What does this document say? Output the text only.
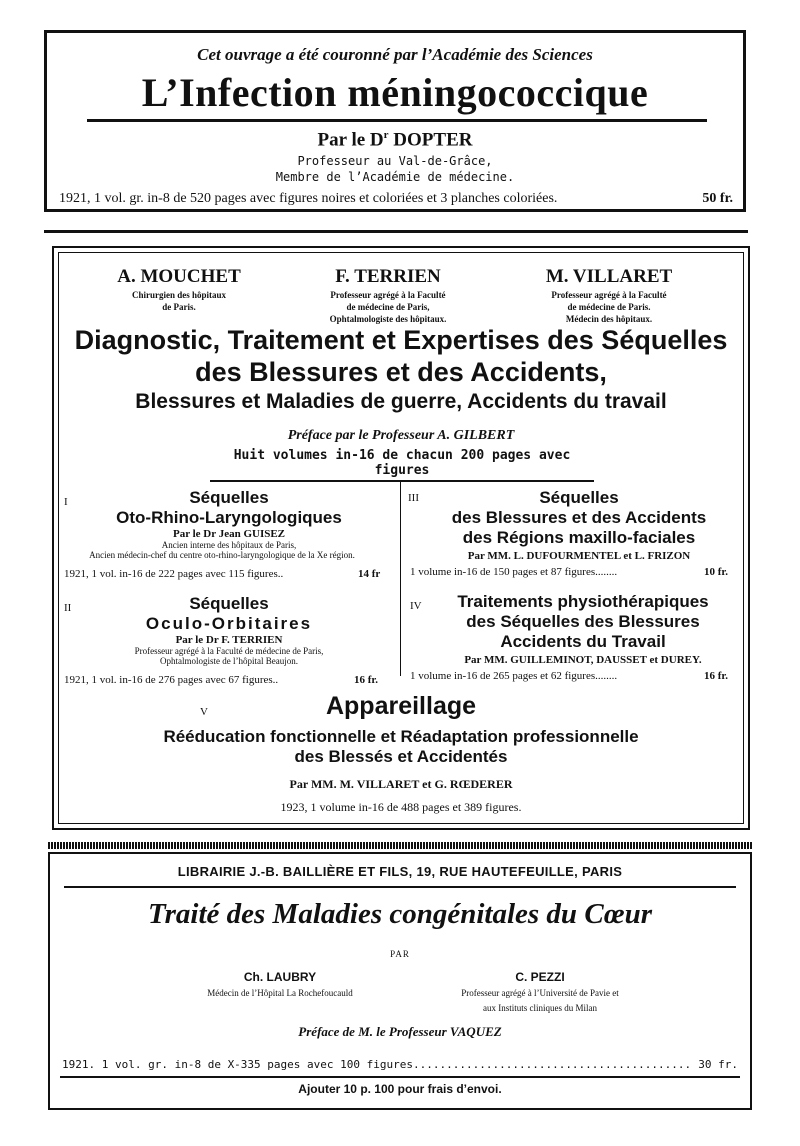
Cet ouvrage a été couronné par l’Académie des Sciences
L’Infection méningococcique
Par le $D^r$ DOPTER
Professeur au Val-de-Grâce,
Membre de l’Académie de médecine.
1921, 1 vol. gr. in-8 de 520 pages avec figures noires et coloriées et 3 planches coloriées.	50 fr.
A. MOUCHET
Chirurgien des hôpitaux
de Paris.
F. TERRIEN
Professeur agrégé à la Faculté
de médecine de Paris,
Ophtalmologiste des hôpitaux.
M. VILLARET
Professeur agrégé à la Faculté
de médecine de Paris.
Médecin des hôpitaux.
Diagnostic, Traitement et Expertises des Séquelles
des Blessures et des Accidents,
Blessures et Maladies de guerre, Accidents du travail
Préface par le Professeur A. GILBERT
Huit volumes in-16 de chacun 200 pages avec figures
I	Séquelles
Oto-Rhino-Laryngologiques
Par le Dr Jean GUISEZ
Ancien interne des hôpitaux de Paris,
Ancien médecin-chef du centre oto-rhino-laryngologique de la Xe région.
1921, 1 vol. in-16 de 222 pages avec 115 figures..	14 fr
II	Séquelles
Oculo-Orbitaires
Par le Dr F. TERRIEN
Professeur agrégé à la Faculté de médecine de Paris,
Ophtalmologiste de l’hôpital Beaujon.
1921, 1 vol. in-16 de 276 pages avec 67 figures..	16 fr.
III	Séquelles
des Blessures et des Accidents
des Régions maxillo-faciales
Par MM. L. DUFOURMENTEL et L. FRIZON
1 volume in-16 de 150 pages et 87 figures........	10 fr.
IV	Traitements physiothérapiques
des Séquelles des Blessures
Accidents du Travail
Par MM. GUILLEMINOT, DAUSSET et DUREY.
1 volume in-16 de 265 pages et 62 figures........	16 fr.
V	Appareillage
Rééducation fonctionnelle et Réadaptation professionnelle
des Blessés et Accidentés
Par MM. M. VILLARET et G. RŒDERER
1923, 1 volume in-16 de 488 pages et 389 figures.
LIBRAIRIE J.-B. BAILLIÈRE ET FILS, 19, RUE HAUTEFEUILLE, PARIS
Traité des Maladies congénitales du Cœur
PAR
Ch. LAUBRY
Médecin de l’Hôpital La Rochefoucauld
C. PEZZI
Professeur agrégé à l’Université de Pavie et
aux Instituts cliniques du Milan
Préface de M. le Professeur VAQUEZ
1921. 1 vol. gr. in-8 de X-335 pages avec 100 figures.......................................... 30 fr.
Ajouter 10 p. 100 pour frais d’envoi.
